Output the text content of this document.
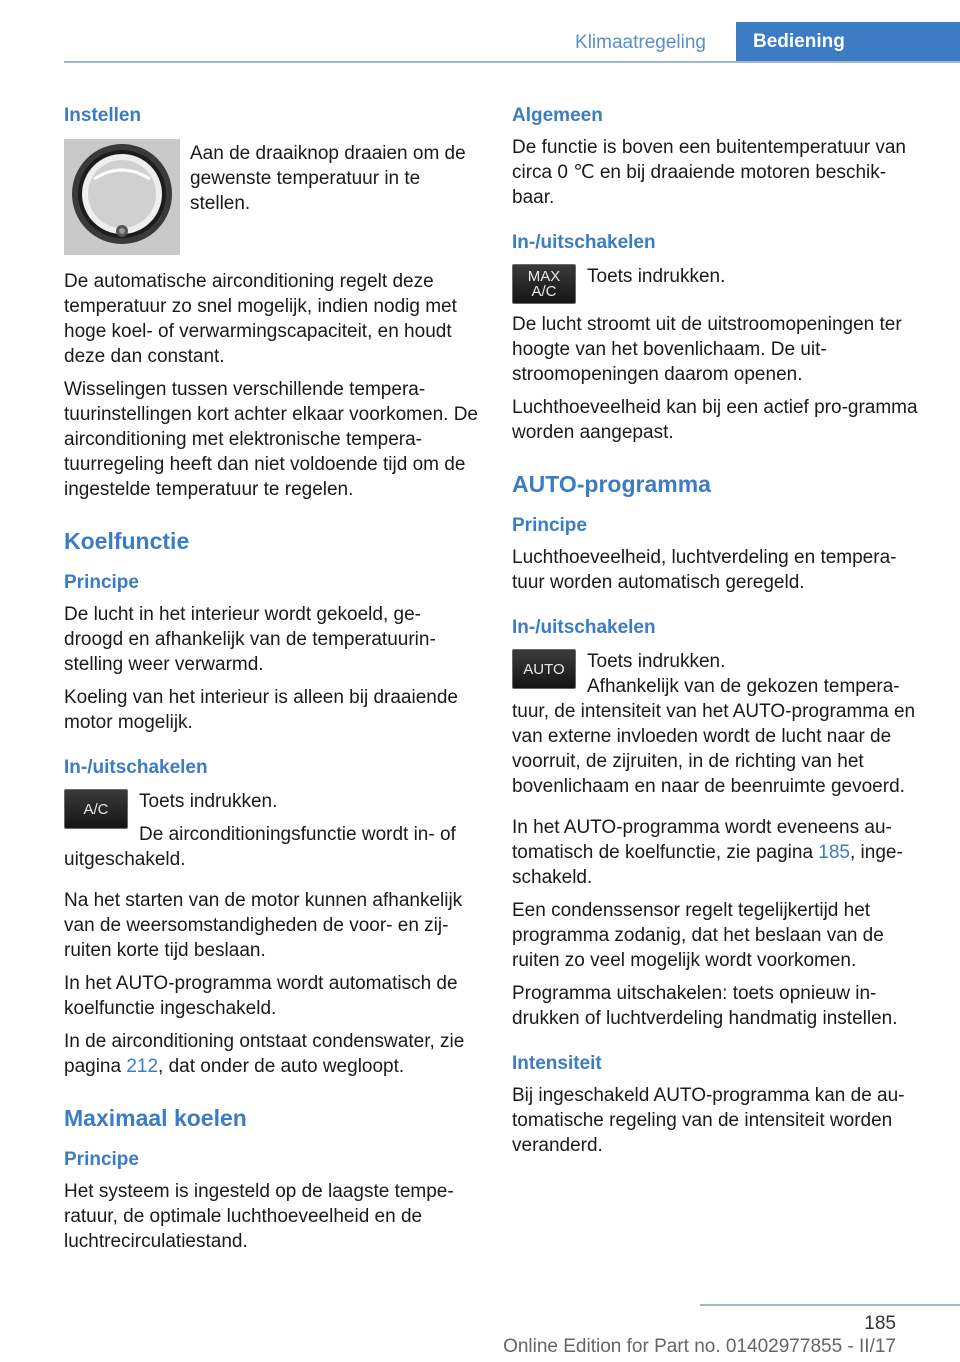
Klimaatregeling	Bediening
Instellen
Aan de draaiknop draaien om de gewenste temperatuur in te stellen.

De automatische airconditioning regelt deze temperatuur zo snel mogelijk, indien nodig met hoge koel- of verwarmingscapaciteit, en houdt deze dan constant.

Wisselingen tussen verschillende tempera‐tuurinstellingen kort achter elkaar voorkomen. De airconditioning met elektronische tempera‐tuurregeling heeft dan niet voldoende tijd om de ingestelde temperatuur te regelen.

Koelfunctie
Principe

De lucht in het interieur wordt gekoeld, ge‐droogd en afhankelijk van de temperatuurin‐stelling weer verwarmd.

Koeling van het interieur is alleen bij draaiende motor mogelijk.

In-/uitschakelen
A/C	Toets indrukken.

De airconditioningsfunctie wordt in- of uitgeschakeld.

Na het starten van de motor kunnen afhankelijk van de weersomstandigheden de voor- en zij‐ruiten korte tijd beslaan.

In het AUTO-programma wordt automatisch de koelfunctie ingeschakeld.

In de airconditioning ontstaat condenswater, zie pagina 212, dat onder de auto wegloopt.

Maximaal koelen
Principe

Het systeem is ingesteld op de laagste tempe‐ratuur, de optimale luchthoeveelheid en de luchtrecirculatiestand.

Algemeen

De functie is boven een buitentemperatuur van circa 0 ℃ en bij draaiende motoren beschik‐baar.

In-/uitschakelen
MAX
A/C
Toets indrukken.

De lucht stroomt uit de uitstroomopeningen ter hoogte van het bovenlichaam. De uit‐stroomopeningen daarom openen.

Luchthoeveelheid kan bij een actief pro‐gramma worden aangepast.

AUTO-programma
Principe

Luchthoeveelheid, luchtverdeling en tempera‐tuur worden automatisch geregeld.

In-/uitschakelen
AUTO	Toets indrukken.

Afhankelijk van de gekozen tempera‐tuur, de intensiteit van het AUTO-programma en van externe invloeden wordt de lucht naar de voorruit, de zijruiten, in de richting van het bovenlichaam en naar de beenruimte gevoerd.

In het AUTO-programma wordt eveneens au‐tomatisch de koelfunctie, zie pagina 185, inge‐schakeld.

Een condenssensor regelt tegelijkertijd het programma zodanig, dat het beslaan van de ruiten zo veel mogelijk wordt voorkomen.

Programma uitschakelen: toets opnieuw in‐drukken of luchtverdeling handmatig instellen.

Intensiteit

Bij ingeschakeld AUTO-programma kan de au‐tomatische regeling van de intensiteit worden veranderd.

185
Online Edition for Part no. 01402977855 - II/17
